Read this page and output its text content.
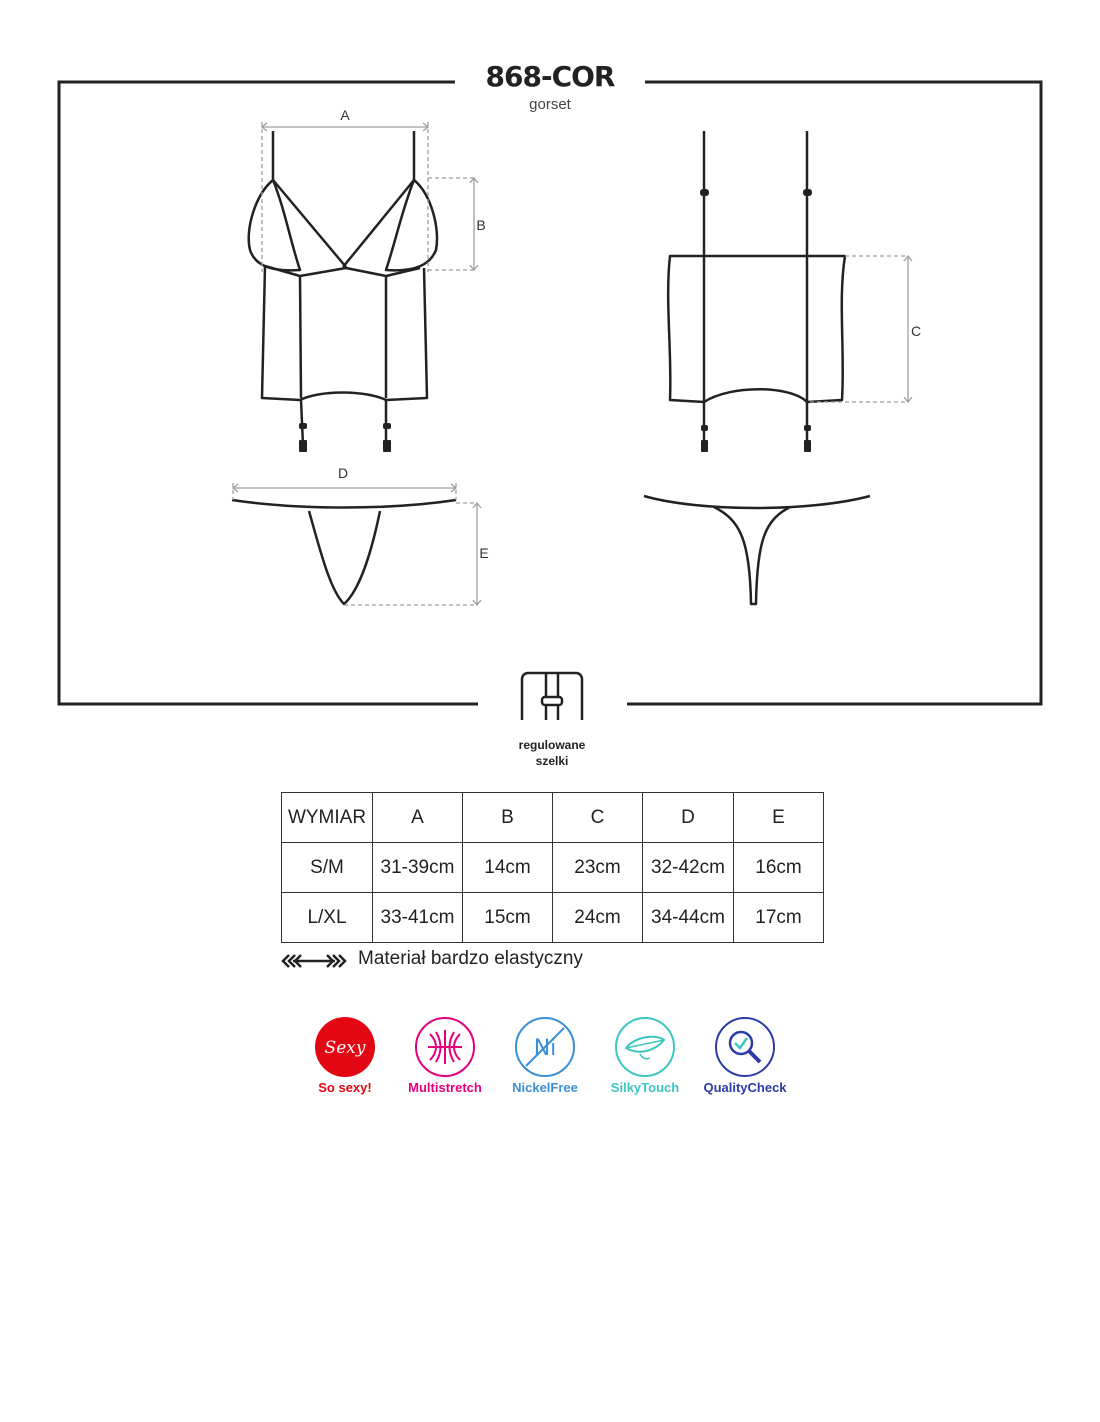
868-COR
gorset
A
B
C
D
E
regulowane
szelki
WYMIAR	A	B	C	D	E
S/M	31-39cm	14cm	23cm	32-42cm	16cm
L/XL	33-41cm	15cm	24cm	34-44cm	17cm
Materiał bardzo elastyczny
Sexy	Ni
So sexy!	Multistretch	NickelFree	SilkyTouch	QualityCheck
